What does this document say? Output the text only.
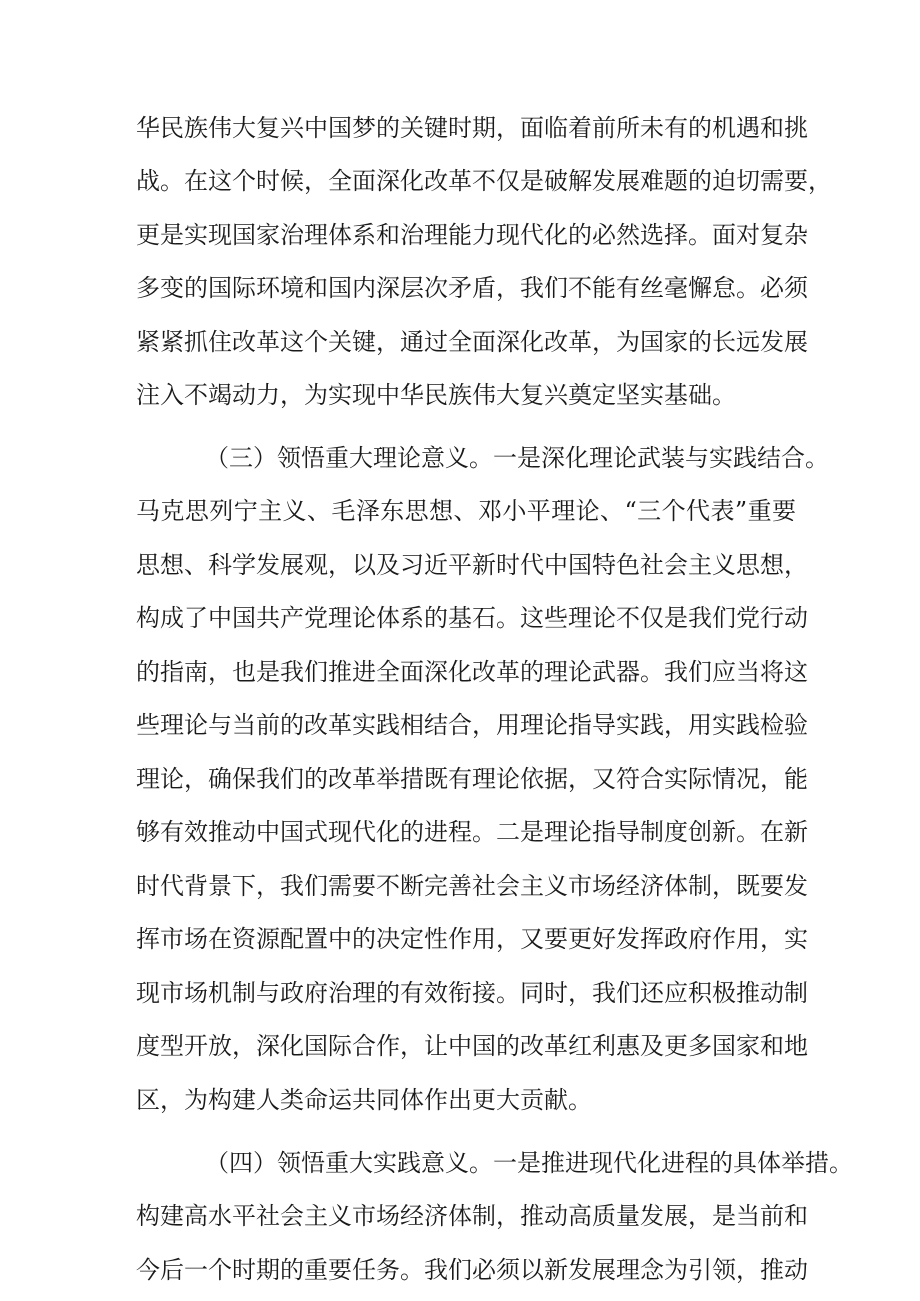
华民族伟大复兴中国梦的关键时期，面临着前所未有的机遇和挑
战。在这个时候，全面深化改革不仅是破解发展难题的迫切需要，
更是实现国家治理体系和治理能力现代化的必然选择。面对复杂
多变的国际环境和国内深层次矛盾，我们不能有丝毫懈怠。必须
紧紧抓住改革这个关键，通过全面深化改革，为国家的长远发展
注入不竭动力，为实现中华民族伟大复兴奠定坚实基础。
（三）领悟重大理论意义。一是深化理论武装与实践结合。
马克思列宁主义、毛泽东思想、邓小平理论、“三个代表”重要
思想、科学发展观，以及习近平新时代中国特色社会主义思想，
构成了中国共产党理论体系的基石。这些理论不仅是我们党行动
的指南，也是我们推进全面深化改革的理论武器。我们应当将这
些理论与当前的改革实践相结合，用理论指导实践，用实践检验
理论，确保我们的改革举措既有理论依据，又符合实际情况，能
够有效推动中国式现代化的进程。二是理论指导制度创新。在新
时代背景下，我们需要不断完善社会主义市场经济体制，既要发
挥市场在资源配置中的决定性作用，又要更好发挥政府作用，实
现市场机制与政府治理的有效衔接。同时，我们还应积极推动制
度型开放，深化国际合作，让中国的改革红利惠及更多国家和地
区，为构建人类命运共同体作出更大贡献。
（四）领悟重大实践意义。一是推进现代化进程的具体举措。
构建高水平社会主义市场经济体制，推动高质量发展，是当前和
今后一个时期的重要任务。我们必须以新发展理念为引领，推动
